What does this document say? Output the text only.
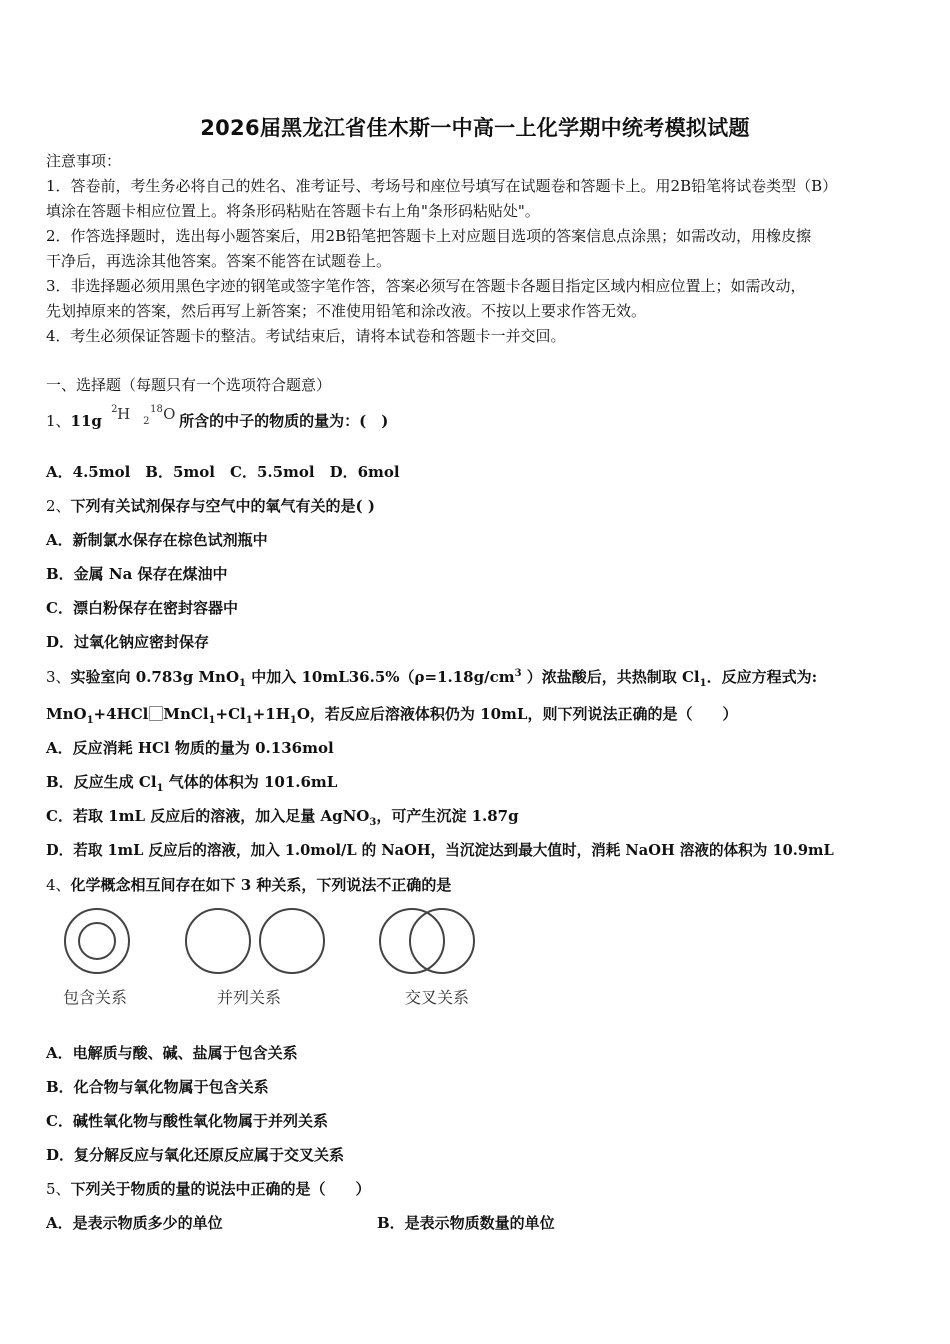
2026届黑龙江省佳木斯一中高一上化学期中统考模拟试题
注意事项：
1．答卷前，考生务必将自己的姓名、准考证号、考场号和座位号填写在试题卷和答题卡上。用2B铅笔将试卷类型（B）
填涂在答题卡相应位置上。将条形码粘贴在答题卡右上角"条形码粘贴处"。
2．作答选择题时，选出每小题答案后，用2B铅笔把答题卡上对应题目选项的答案信息点涂黑；如需改动，用橡皮擦
干净后，再选涂其他答案。答案不能答在试题卷上。
3．非选择题必须用黑色字迹的钢笔或签字笔作答，答案必须写在答题卡各题目指定区域内相应位置上；如需改动，
先划掉原来的答案，然后再写上新答案；不准使用铅笔和涂改液。不按以上要求作答无效。
4．考生必须保证答题卡的整洁。考试结束后，请将本试卷和答题卡一并交回。
一、选择题（每题只有一个选项符合题意）
1、11g
2 H 2
18 O 所含的中子的物质的量为：(　)
A．4.5mol　B．5mol　C．5.5mol　D．6mol
2、下列有关试剂保存与空气中的氧气有关的是( )
A．新制氯水保存在棕色试剂瓶中
B．金属 Na 保存在煤油中
C．漂白粉保存在密封容器中
D．过氧化钠应密封保存
3、实验室向 0.783g MnO$_1$ 中加入 $10mL36.5\%(\rho=1.18g/cm^3$ ）浓盐酸后，共热制取 $Cl_1$．反应方程式为:
$MnO_1+4HCl⃞MnCl_1+Cl_1+1H_1O$，若反应后溶液体积仍为 10mL，则下列说法正确的是（　　）
A．反应消耗 HCl 物质的量为 0.136mol
B．反应生成 $Cl_1$ 气体的体积为 101.6mL
C．若取 1mL 反应后的溶液，加入足量 AgNO$_3$，可产生沉淀 1.87g
D．若取 1mL 反应后的溶液，加入 1.0mol/L 的 NaOH，当沉淀达到最大值时，消耗 NaOH 溶液的体积为 10.9mL
4、化学概念相互间存在如下 3 种关系，下列说法不正确的是
包含关系	并列关系	交叉关系
A．电解质与酸、碱、盐属于包含关系
B．化合物与氧化物属于包含关系
C．碱性氧化物与酸性氧化物属于并列关系
D．复分解反应与氧化还原反应属于交叉关系
5、下列关于物质的量的说法中正确的是（　　）
A．是表示物质多少的单位	B．是表示物质数量的单位
